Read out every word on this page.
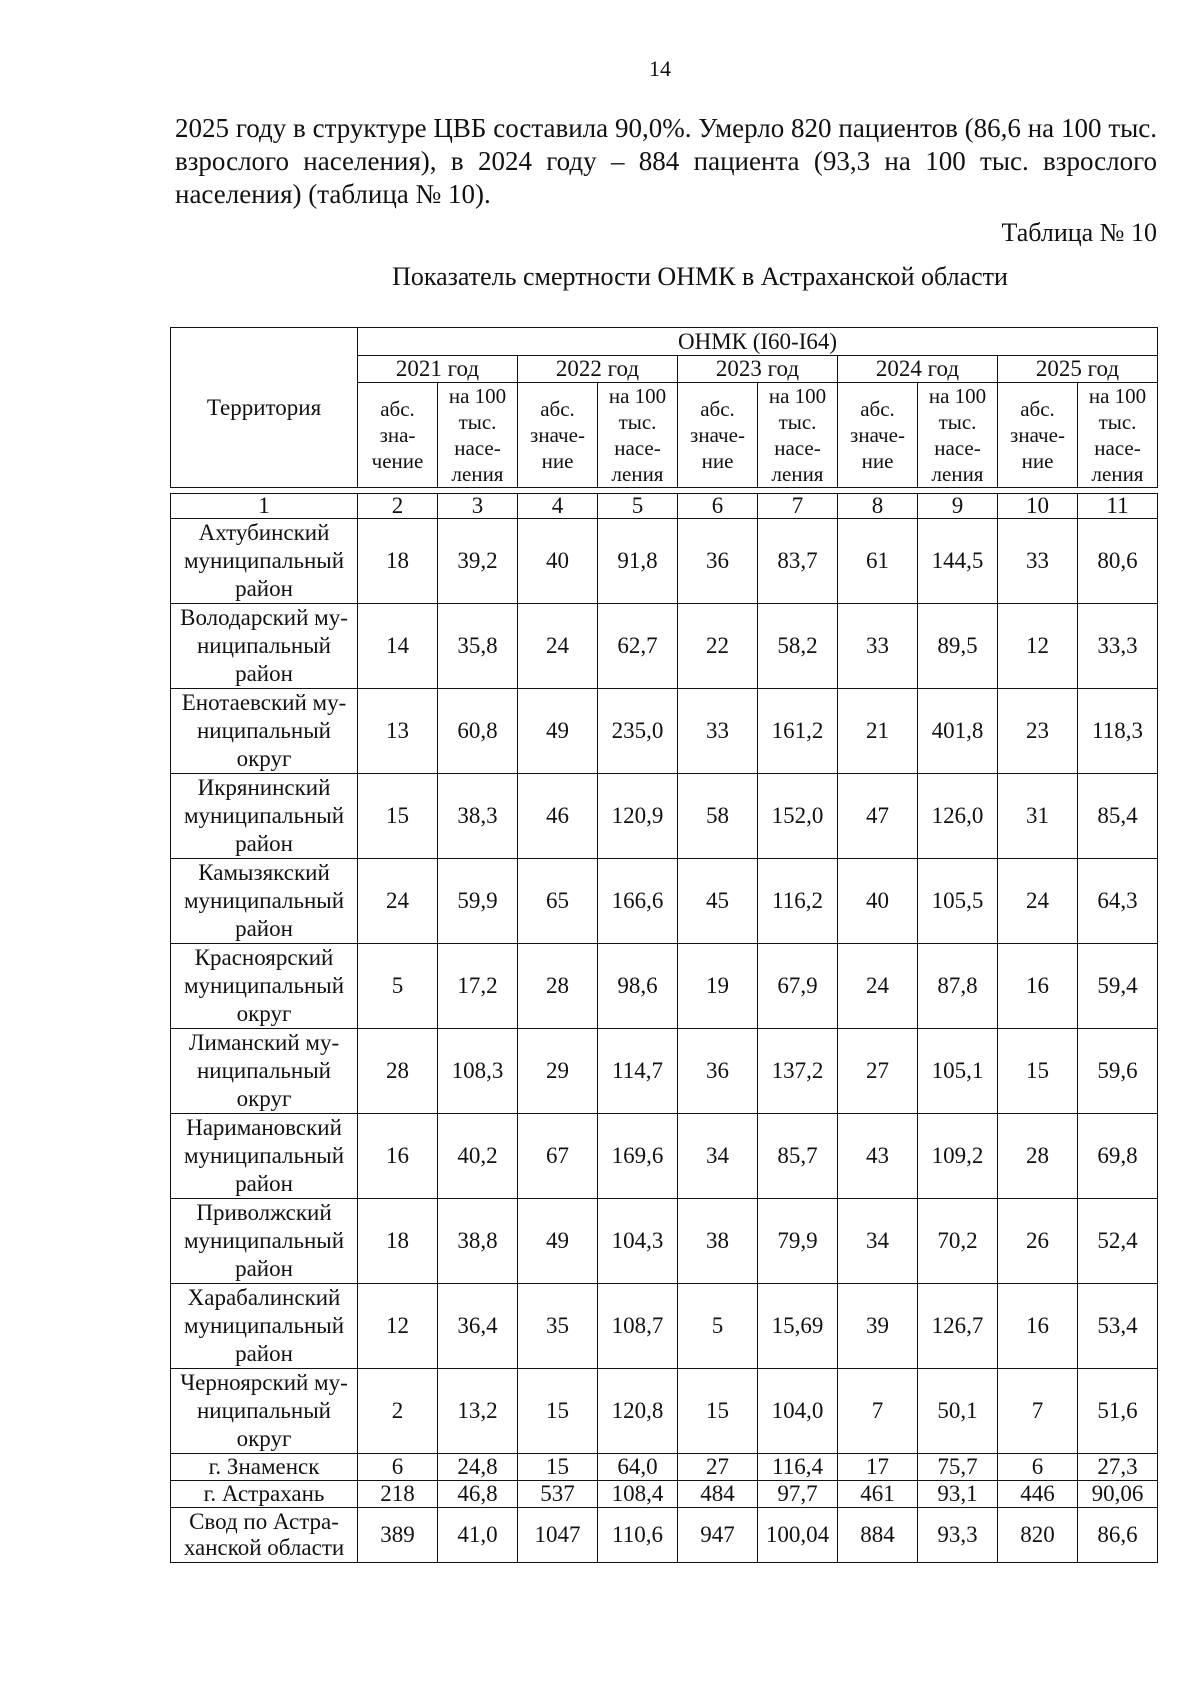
14
2025 году в структуре ЦВБ составила 90,0%. Умерло 820 пациентов (86,6 на 100 тыс. взрослого населения), в 2024 году – 884 пациента (93,3 на 100 тыс. взрослого населения) (таблица № 10).
Таблица № 10
Показатель смертности ОНМК в Астраханской области
Территория	ОНМК (I60-I64)									
	2021 год		2022 год		2023 год		2024 год		2025 год	
	абс. зна- чение	на 100 тыс. насе- ления	абс. значе- ние	на 100 тыс. насе- ления	абс. значе- ние	на 100 тыс. насе- ления	абс. значе- ние	на 100 тыс. насе- ления	абс. значе- ние	на 100 тыс. насе- ления
1	2	3	4	5	6	7	8	9	10	11
Ахтубинский муниципальный район	18	39,2	40	91,8	36	83,7	61	144,5	33	80,6
Володарский му- ниципальный район	14	35,8	24	62,7	22	58,2	33	89,5	12	33,3
Енотаевский му- ниципальный округ	13	60,8	49	235,0	33	161,2	21	401,8	23	118,3
Икрянинский муниципальный район	15	38,3	46	120,9	58	152,0	47	126,0	31	85,4
Камызякский муниципальный район	24	59,9	65	166,6	45	116,2	40	105,5	24	64,3
Красноярский муниципальный округ	5	17,2	28	98,6	19	67,9	24	87,8	16	59,4
Лиманский му- ниципальный округ	28	108,3	29	114,7	36	137,2	27	105,1	15	59,6
Наримановский муниципальный район	16	40,2	67	169,6	34	85,7	43	109,2	28	69,8
Приволжский муниципальный район	18	38,8	49	104,3	38	79,9	34	70,2	26	52,4
Харабалинский муниципальный район	12	36,4	35	108,7	5	15,69	39	126,7	16	53,4
Черноярский му- ниципальный округ	2	13,2	15	120,8	15	104,0	7	50,1	7	51,6
г. Знаменск	6	24,8	15	64,0	27	116,4	17	75,7	6	27,3
г. Астрахань	218	46,8	537	108,4	484	97,7	461	93,1	446	90,06
Свод по Астра- ханской области	389	41,0	1047	110,6	947	100,04	884	93,3	820	86,6
